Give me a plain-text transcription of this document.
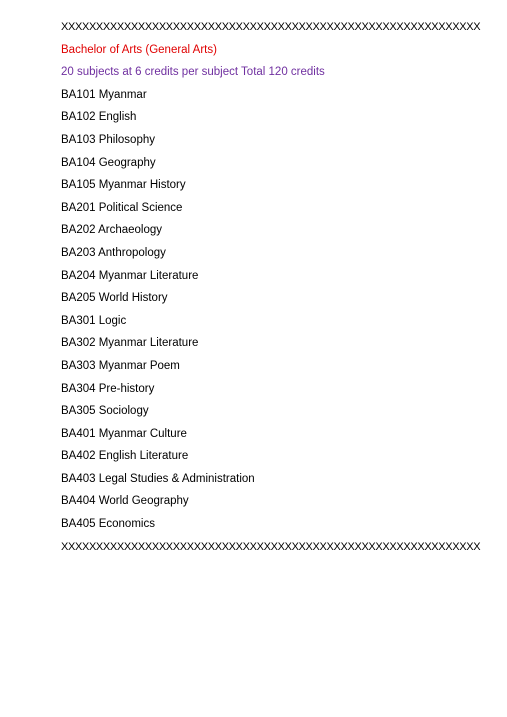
XXXXXXXXXXXXXXXXXXXXXXXXXXXXXXXXXXXXXXXXXXXXXXXXXXXXXXXXXXXX
Bachelor of Arts (General Arts)
20 subjects at 6 credits per subject Total 120 credits
BA101 Myanmar
BA102 English
BA103 Philosophy
BA104 Geography
BA105 Myanmar History
BA201 Political Science
BA202 Archaeology
BA203 Anthropology
BA204 Myanmar Literature
BA205 World History
BA301 Logic
BA302 Myanmar Literature
BA303 Myanmar Poem
BA304 Pre-history
BA305 Sociology
BA401 Myanmar Culture
BA402 English Literature
BA403 Legal Studies & Administration
BA404 World Geography
BA405 Economics
XXXXXXXXXXXXXXXXXXXXXXXXXXXXXXXXXXXXXXXXXXXXXXXXXXXXXXXXXXXX
